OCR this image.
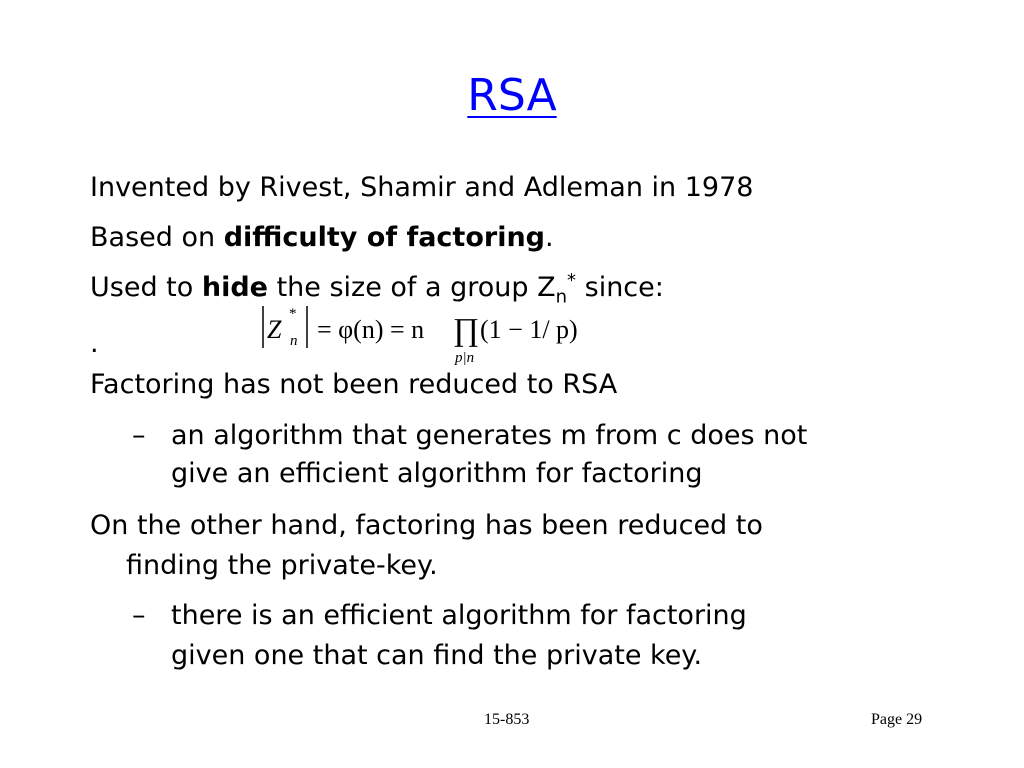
RSA
Invented by Rivest, Shamir and Adleman in 1978
Based on difficulty of factoring.
Used to hide the size of a group $Z_n^*$ since:
Z
*
n = φ(n) = n ∏ (1 − 1/ p)
p|n
.
Factoring has not been reduced to RSA
– an algorithm that generates m from c does not
give an efficient algorithm for factoring
On the other hand, factoring has been reduced to
finding the private-key.
– there is an efficient algorithm for factoring
given one that can find the private key.
15-853	Page 29
